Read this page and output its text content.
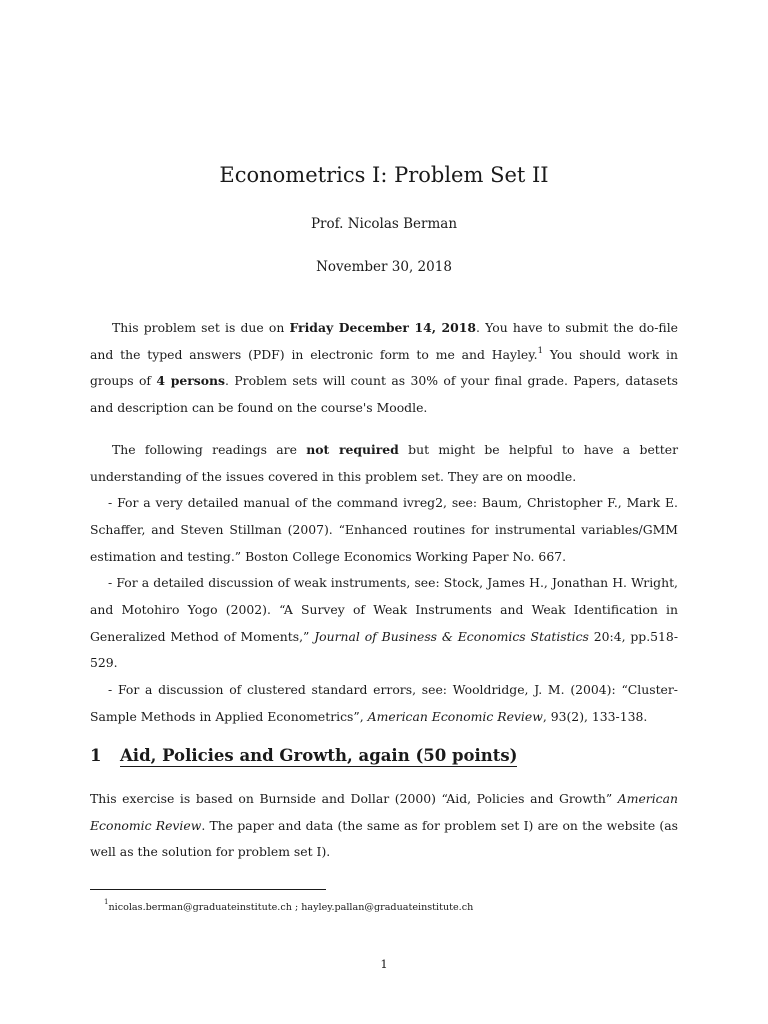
Econometrics I: Problem Set II
Prof. Nicolas Berman
November 30, 2018

This problem set is due on Friday December 14, 2018. You have to submit the do-file and the typed answers (PDF) in electronic form to me and Hayley.$^1$ You should work in groups of 4 persons. Problem sets will count as 30% of your final grade. Papers, datasets and description can be found on the course's Moodle.

The following readings are not required but might be helpful to have a better understanding of the issues covered in this problem set. They are on moodle.

- For a very detailed manual of the command ivreg2, see: Baum, Christopher F., Mark E. Schaffer, and Steven Stillman (2007). “Enhanced routines for instrumental variables/GMM estimation and testing.” Boston College Economics Working Paper No. 667.

- For a detailed discussion of weak instruments, see: Stock, James H., Jonathan H. Wright, and Motohiro Yogo (2002). “A Survey of Weak Instruments and Weak Identification in Generalized Method of Moments,” Journal of Business & Economics Statistics 20:4, pp.518-529.

- For a discussion of clustered standard errors, see: Wooldridge, J. M. (2004): “Cluster-Sample Methods in Applied Econometrics”, American Economic Review, 93(2), 133-138.

1 Aid, Policies and Growth, again (50 points)

This exercise is based on Burnside and Dollar (2000) “Aid, Policies and Growth” American Economic Review. The paper and data (the same as for problem set I) are on the website (as well as the solution for problem set I).

$^1$nicolas.berman@graduateinstitute.ch ; hayley.pallan@graduateinstitute.ch
1
